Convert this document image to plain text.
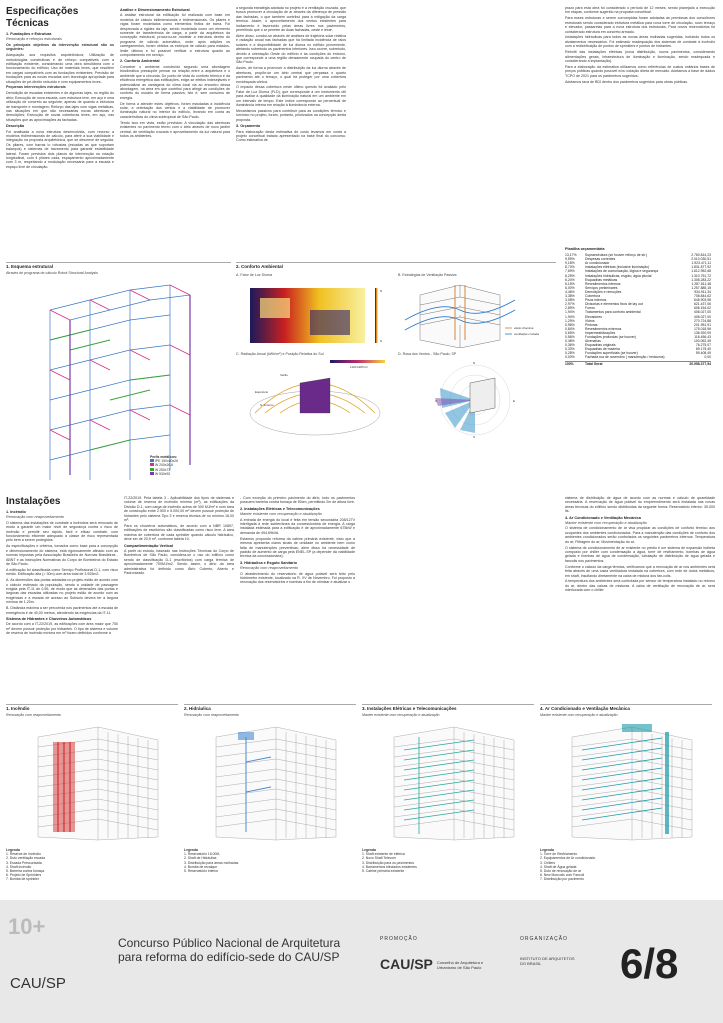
Especificações Técnicas
1. Fundações e Estrutura
Renovação e reforços estruturais

Os principais objetivos da intervenção estrutural são os seguintes:

Adequação aos requisitos arquitetônicos; Utilização de metodologias construtivas e de reforço compatíveis com a edificação existente, considerando uma obra simultânea com o funcionamento do edifício; Uso de materiais leves, que resultem em cargas compatíveis com as fundações existentes; Previsão de fundações para as novas escadas com tecnologia apropriada para situações de pé-direito reduzido e com equipamentos leves.

Pequenas intervenções estruturais

Demolição de escadas existentes e de algumas lajes, no região do átrio; Execução de nova escada, com estrutura leve, em aço e uma utilização de concreto ao seguinte, apenas de quando a estrutura de transporte e montagem; Reforço das lajes com vigas metálicas, nas situações em que são necessárias novas aberturas e demolições; Execução de novas coberturas leves, em aço, nas situações que as aproximações às fachadas.

Descrição

Foi analisada a nova estrutura desenvolvida, com recurso a modelos tridimensionais de cálculo, para aferir a sua viabilidade e integração na proposta arquitetônica, que se descreve de seguida. Os pilares, com barras lo robustas (escadas as que suportam balanços) e sistemas de travamento para garantir estabilidade lateral. Foram previstos dois planos de intervenção na rotação longitudinal, com 4 pilares cada, espaçamento aproximadamente com 3 m, respeitando a modulação necessária para a escada e espaço livre de circulação.

Análise e Dimensionamento Estrutural

A análise estrutural da edificação foi realizada com base em modelos de cálculo bidimensionais e tridimensionais. Os pilares e vigas foram modelados como elementos finitos de barra. Foi desprezada a rigidez da laje, sendo modelada como um elemento somente de transferência de carga, a partir da arquitetura da concepção estrutural, procurou-se modelar a estrutura dentro do programa de cálculo automático, onde, após adições os carregamentos, foram obtidos os esforços de cálculo para estados-limite últimos e foi possível verificar a estrutura quanto ao comportamento em serviço.

2. Conforto Ambiental

Conceber o ambiente construído segundo uma abordagem bioclimática pressupõe pensar na relação entre a arquitetura e o ambiente que a circunda. Do ponto de vista do conforto térmico e da eficiência energética das edificações, exige-se efeitos indesejáveis e potencializar as vantagens do clima local via ao encontro dessa abordagem, na área em que contribui para atingir as condições de conforto do usuário de forma passiva, isto é, sem consumo de energia.

De forma a atender estes objetivos, foram estudadas a incidência solar, a orientação dos ventos e a viabilidade de promover iluminação natural no interior do edifício, levando em conta as características do clima subtropical de São Paulo.

Tendo isso em vista, estão previstos: A vinculação das aberturas existentes no pavimento térreo com o átrio através de novo jardim central, de ventilação cruzada e aproveitamento da luz natural para todos os ambientes.

a segunda estratégia adotada no projeto é a ventilação cruzada, que busca promover a circulação de ar através da diferença de pressão das fachadas, o que também contribui para a mitigação da carga térmica. Assim, o aproveitamento dos ventos existentes para incitamento é favorecido pelas áreas livres nos pavimentos, permitindo que o ar penetre as duas fachadas, oeste e leste.

Além disso, conclui-se através de análises de trajetória solar relativa e radiação anual nas fachadas que há limitada incidência de raios solares e a disponibilidade de luz diurna no edifício proveniente, afetando sobretudo os pavimentos inferiores. Isso ocorre, sobretudo, devido à orientação Oeste do edifício e às condições do entorno, que corresponde a uma região densamente ocupada do centro de São Paulo.

Assim, de forma a promover a distribuição da luz diurna através de aberturas, propõe-se um átrio central que perpassa o quarto pavimento até o terraço, o qual irá proteger por uma cobertura envidraçada cônica.

O impacto dessa cobertura neste último quesito foi avaliado pelo Fator de Luz Diurna (FLD), que corresponde a um instrumento útil para avaliar a qualidade da iluminação natural em um ambiente em um intervalo de tempo. Este índice corresponde ao percentual de iluminância interna em relação à iluminância externa.

Mecanismos passivos para contribuir para as condições térmico e lumínico no projeto, foram, portanto, priorizados na concepção desta proposta.

3. Orçamento

Para elaboração desta estimativa de custo levamos em conta a projeto conceitual tratado apresentado na base final do concurso. Como estimativa de

prazo para esta obra foi considerado o período de 12 meses, sendo planejado a execução em etapas, conforme sugerido na proposta conceitual.

Para esses estruturas e serem corrompidas foram adotadas as premissas dos consultores estruturais sendo considerado estrutura metálica para nova torre de circulação, novo terraço e elevador, passarelas para a nova estrutura dos estruturais. Para novos reservatórios foi considerado estrutura em concreto armado.

Instalações hidráulicas para todos as novas áreas molhadas sugeridas, incluindo todos os alvalamentos necessários. Foi estimado readequação dos sistemas de combate à incêndio com a redistribuição de pontos de sprinklers e pontos de hidrantes.

Retrofit das instalações elétricas (nova distribuição, novos pavimentos, considerando alimentações gerais, infraestrutura de iluminação e iluminação, sendo readequada e considerando a implantação).

Para a elaboração da estimativa utilizamos como referências de custos unitários bases de preços públicas quando possível e/ou cotação direta de mercado. Adotamos a base de dados TCPO de 2021 para os parâmetros sugeridos.

Adotamos taxa de BDI dentro dos parâmetros sugeridos para obras públicas.

1. Esquema estrutural
Através de programa de cálculo Robot Structural Analysis
Perfis metálicos:
IPE 150x80x26
W 200x26.6
W 250x73
W 530x92
2. Conforto Ambiental
A. Fator de Luz Diurna	B. Estratégias de Ventilação Passiva
C. Radiação Anual (kWh/m²) e Posição Relativa do Sol	D. Rosa dos Ventos - São Paulo, SP
N
S
efeito chaminé
ventilação cruzada
1100 kWh/m²
Verão
Equinócio
S. Inverno
N
S
E
O
Planilha orçamentária
13,17%	Supraestrutura (se houver reforço de str.)	2.760.814,23
9,59%	Despesas correntes	2.010.030,51
9,18%	Ar condicionado	1.923.471,11
8,74%	Instalações elétricas (inclusive iluminação)	1.831.877,92
7,69%	Instalações de comunicação, lógica e segurança	1.612.952,68
6,25%	Instalações hidráulicas, esgoto, água pluvial	1.310.751,72
6,24%	Esquadrias metálicas	1.308.283,22
6,15%	Revestimentos internos	1.287.811,48
6,00%	Serviços preliminares	1.257.885,15
4,46%	Demolições e remoções	934.911,34
3,38%	Cobertura	708.844,62
3,08%	Pisos internos	645.903,98
2,97%	Divisórias e elementos fixos de lay out	621.437,06
2,89%	Forros	606.154,02
1,94%	Tratamentos para conforto ambiental	406.027,00
1,94%	Elevadores	406.027,00
1,29%	Vidros	270.724,88
0,96%	Pinturas	201.951,91
0,84%	Revestimentos externos	175.018,96
0,65%	Impermeabilizações	136.920,09
0,56%	Fundações profundas (se houver)	116.456,43
0,48%	Alvenarias	100.062,45
0,36%	Esquadrias originais	76.275,07
0,33%	Esquadrias de madeira	69.175,40
0,28%	Fundações superficiais (se houver)	59.408,49
0,00%	Fachada rua de novembro ( manutenção / restauros)	0,00
100%	Total Geral	20.958.377,54
Instalações
1. Incêndio
Renovação com reaproveitamento

O sistema das instalações de combate a incêndios será renovado de modo a garantir um maior nível de segurança contra o risco de incêndio e permitir seu rápido, fácil e eficaz combate, com funcionamento eficiente adequado à classe de risco representada pelo bem a serem protegidos.

As especificações e critérios, tomados como base para a concepção e dimensionamento do sistema, está rigorosamente afinado com as normas impostas pela Associação Brasileira de Normas Brasileiras - ABNT e as Instruções Normativas do Corpo de Bombeiros do Estado de São Paulo.

A edificação foi classificada como Serviço Profissional D-1, com risco médio. Edificação alta (> 30m) com área total de 3.925m2.

A. As dimensões das portas adotadas no projeto estão de acordo com o cálculo estimado da população, sendo a unidade de passagem exigida pela IT-11 de 0,55, de modo que as dimensões das portas e larguras das escadas utilizadas no projeto estão de acordo com as exigências e a escada de acesso ao Subsolo deverá ter a largura mínima de 1,20m.

B. Distância máxima a ser percorrida nos pavimentos até a escada de emergência é de 40,00 metros, atendendo às exigências da IT-11.

Sistema de Hidrantes e Chuveiros Automáticos

De acordo com a IT-22/2019, as edificações com área maior que 750 m² devem possuir proteção por hidrantes. O tipo de sistema e volume de reserva de incêndio mínima em m³ foram definidos conforme a

IT-22/2019. Pela tabela 3 - Aplicabilidade dos tipos de sistemas e volume de reserva de incêndio mínima (m³), as edificações da Divisão D-1, com carga de incêndio acima de 300 MJ/m² e com área de construção entre 2.500 e 5.000,00 m² devem possuir proteção de hidrantes pelo sistema Tipo 3 e reserva técnica de no mínimo 18,00 m³.

Para os chuveiros automáticos, de acordo com a NBR 10897, edificações de escritórios são classificadas como risco leve. A área máxima de cobertura de cada sprinkler quando cálculo hidráulico, deve ser de 20,9 m², conforme tabela 10.

Compartimentação Vertical

A partir do estudo, baseado nas Instruções Técnicas do Corpo de Bombeiros de São Paulo, considera-se o uso do edifício como sendo de classificação D-1 (escritórios) com carga térmica de aproximadamente 700MJ/m2. Sendo assim, o átrio da área administrativa foi definido como Átrio Coberto, Aberto e Padronizado.

- Com exceção do primeiro pavimento do átrio, todo os pavimentos possuem barreira contra fumaça de 50cm, permitindo 2m de altura livre.

2. Instalações Elétricas e Telecomunicações
Manter existente com recuperação e atualização

A entrada de energia do local é feita em tensão secundária 208/127V interligada à rede subterrânea da concessionária de energia. A carga instalada estimada para a edificação é de aproximadamente 675kW e demanda de 494,69kVA.

Estamos propondo reforma da cabine primária existente, visto que a mesma apresenta claros sinais de umidade no ambiente bem como falta de manutenções preventivas; além disso há necessidade de padrão de aumento de carga pela ENEL-SP (a depender da viabilidade técnica da concessionária).

3. Hidráulica e Esgoto Sanitário
Renovação com reaproveitamento

O abastecimento do reservatório de água potável será feito pelo hidrômetro existente, localizado na R. XV de Novembro. Foi proposto a renovação dos reservatórios e bombas a fim de otimizar e atualizar o

sistema de distribuição de água de acordo com as normas e cálculo de quantidade necessária. A reservação de água potável do empreendimento será instalada nas novas áreas técnicas do edifício sendo distribuídas da seguinte forma: Reservatório inferior: 35.000 lts.

4. Ar Condicionado e Ventilação Mecânica
Manter existente com recuperação e atualização

O sistema de condicionamento de ar visa propiciar as condições de conforto térmico aos ocupantes dos ambientes condicionados. Para a manutenção das condições de conforto dos ambientes condicionados serão controlados os seguintes parâmetros internos: Temperatura do ar; Filtragem do ar; Movimentação do ar.

O sistema de condicionamento de ar existente no prédio é um sistema de expansão indireta composto por chiller com condensação a água, torre de resfriamento, bombas de água gelada e bombas de água de condensação, tubulação de distribuição de água gelada e fancoils nos pavimentos.

Conforme o cálculo da carga térmica, verificamos que a renovação de ar nos ambientes será feita através de uma caixa ventiladora instalada na cobertura, com rede de dutos metálicos, em shaft, insuflando diretamente na caixa de mistura dos fan-coils.

A temperatura dos ambientes será controlada por sensor de temperatura instalado no retorno do ar, dentro das caixas de misturas. A caixa de ventilação de renovação de ar, será interlocada com o chiller.

1. Incêndio
Renovação com reaproveitamento
Legenda
1. Reserva de Incêndio
2. Duto ventilação escada
3. Escada Pressurizada
4. Shaft incêndio
5. Barreira contra fumaça
6. Projeto de Sprinklers
7. Bomba de sprinkler
2. Hidráulica
Renovação com reaproveitamento
Legenda
1. Reservatório 16.000L
2. Shaft de Hidráulica
3. Distribuição para áreas molhadas
4. Bomba de recalque
5. Reservatório inferior
3. Instalações Elétricas e Telecomunicações
Manter existente com recuperação e atualização
Legenda
1. Shaft existente de elétrica
2. Novo Shaft Telecom
3. Distribuição para os pavimentos
4. Barramentos blindados existentes
5. Cabine primária existente
4. Ar Condicionado e Ventilação Mecânica
Manter existente com recuperação e atualização
Legenda
1. Torre de Resfriamento
2. Equipamentos de Ar condicionado
3. Chillers
4. Shaft de Água gelada
5. Duto de renovação de ar
6. New Moncoils com Fancoil
7. Distribuição por pavimento
10+
CAU/SP
Concurso Público Nacional de Arquitetura para reforma do edifício-sede do CAU/SP
PROMOÇÃO	ORGANIZAÇÃO
CAU/SP Conselho de Arquitetura e Urbanismo de São Paulo
INSTITUTO DE ARQUITETOS DO BRASIL	6/8
